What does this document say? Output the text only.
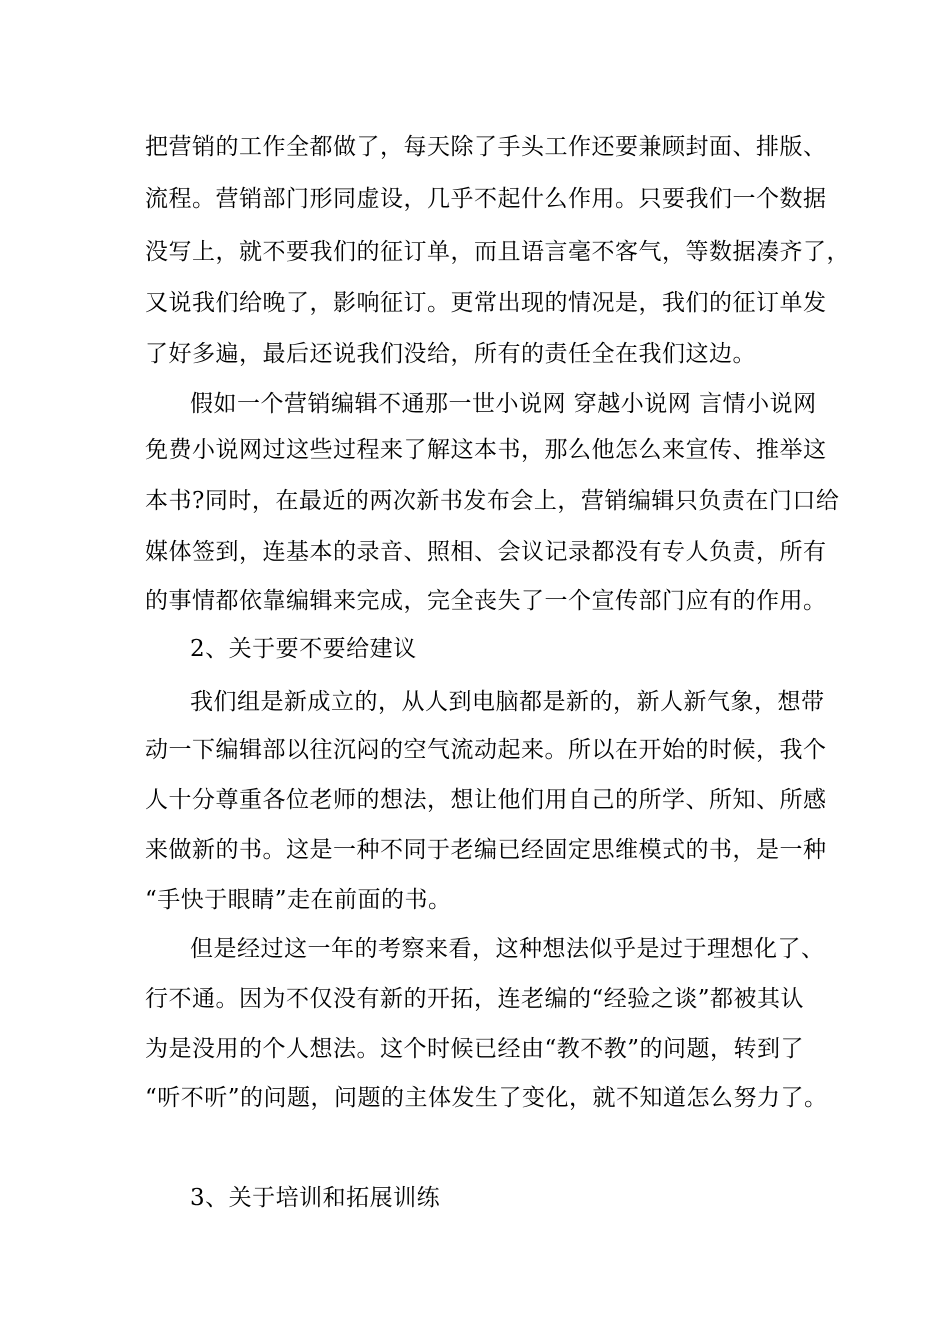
把营销的工作全都做了，每天除了手头工作还要兼顾封面、排版、
流程。营销部门形同虚设，几乎不起什么作用。只要我们一个数据
没写上，就不要我们的征订单，而且语言毫不客气，等数据凑齐了，
又说我们给晚了，影响征订。更常出现的情况是，我们的征订单发
了好多遍，最后还说我们没给，所有的责任全在我们这边。
假如一个营销编辑不通那一世小说网 穿越小说网 言情小说网
免费小说网过这些过程来了解这本书，那么他怎么来宣传、推举这
本书?同时，在最近的两次新书发布会上，营销编辑只负责在门口给
媒体签到，连基本的录音、照相、会议记录都没有专人负责，所有
的事情都依靠编辑来完成，完全丧失了一个宣传部门应有的作用。
2、关于要不要给建议
我们组是新成立的，从人到电脑都是新的，新人新气象，想带
动一下编辑部以往沉闷的空气流动起来。所以在开始的时候，我个
人十分尊重各位老师的想法，想让他们用自己的所学、所知、所感
来做新的书。这是一种不同于老编已经固定思维模式的书，是一种
“手快于眼睛”走在前面的书。
但是经过这一年的考察来看，这种想法似乎是过于理想化了、
行不通。因为不仅没有新的开拓，连老编的“经验之谈”都被其认
为是没用的个人想法。这个时候已经由“教不教”的问题，转到了
“听不听”的问题，问题的主体发生了变化，就不知道怎么努力了。
3、关于培训和拓展训练
